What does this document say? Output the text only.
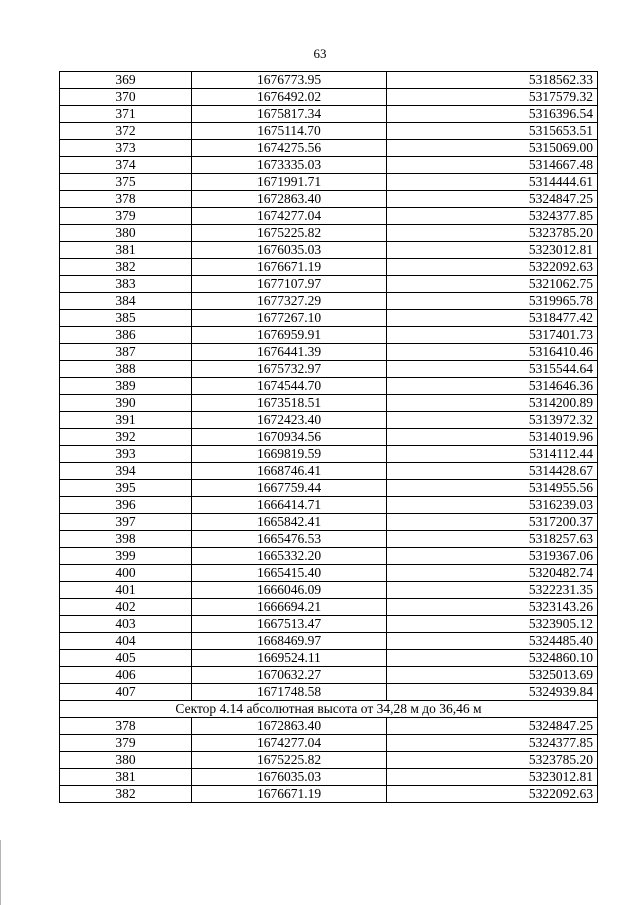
63
369	1676773.95	5318562.33
370	1676492.02	5317579.32
371	1675817.34	5316396.54
372	1675114.70	5315653.51
373	1674275.56	5315069.00
374	1673335.03	5314667.48
375	1671991.71	5314444.61
378	1672863.40	5324847.25
379	1674277.04	5324377.85
380	1675225.82	5323785.20
381	1676035.03	5323012.81
382	1676671.19	5322092.63
383	1677107.97	5321062.75
384	1677327.29	5319965.78
385	1677267.10	5318477.42
386	1676959.91	5317401.73
387	1676441.39	5316410.46
388	1675732.97	5315544.64
389	1674544.70	5314646.36
390	1673518.51	5314200.89
391	1672423.40	5313972.32
392	1670934.56	5314019.96
393	1669819.59	5314112.44
394	1668746.41	5314428.67
395	1667759.44	5314955.56
396	1666414.71	5316239.03
397	1665842.41	5317200.37
398	1665476.53	5318257.63
399	1665332.20	5319367.06
400	1665415.40	5320482.74
401	1666046.09	5322231.35
402	1666694.21	5323143.26
403	1667513.47	5323905.12
404	1668469.97	5324485.40
405	1669524.11	5324860.10
406	1670632.27	5325013.69
407	1671748.58	5324939.84
Сектор 4.14 абсолютная высота от 34,28 м до 36,46 м		
378	1672863.40	5324847.25
379	1674277.04	5324377.85
380	1675225.82	5323785.20
381	1676035.03	5323012.81
382	1676671.19	5322092.63
